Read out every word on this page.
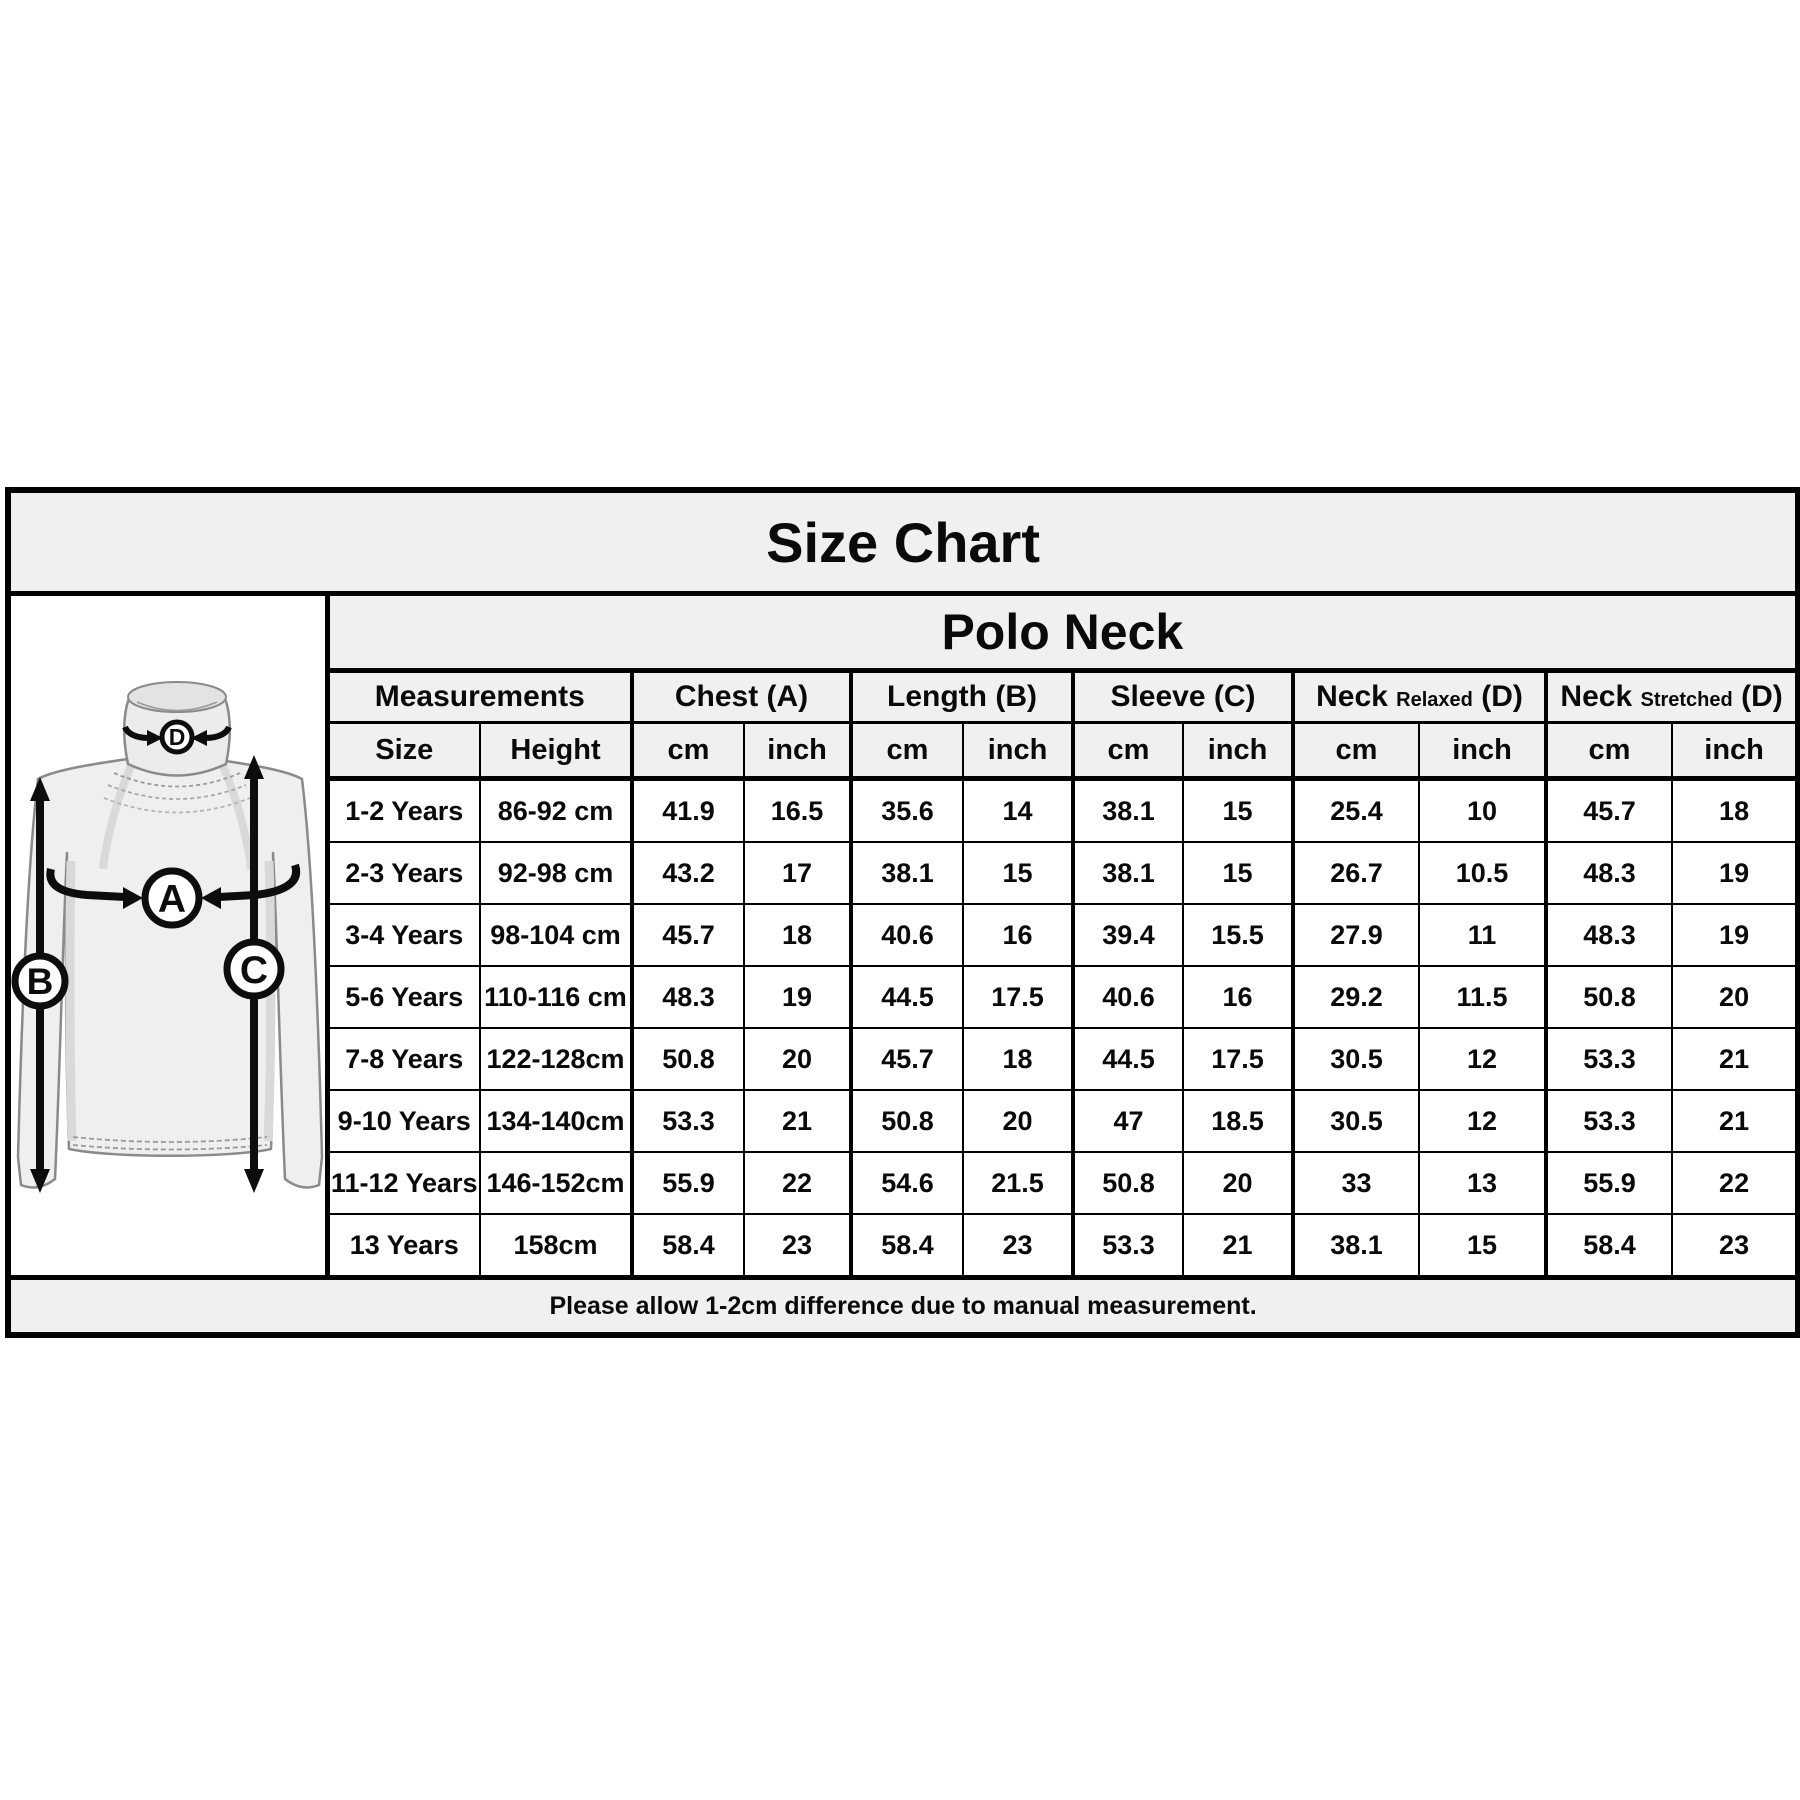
Size Chart												

B C
A
D	Polo Neck											
	Measurements		Chest (A)		Length (B)		Sleeve (C)		Neck Relaxed (D)		Neck Stretched (D)	
	Size	Height	cm	inch	cm	inch	cm	inch	cm	inch	cm	inch
	1-2 Years	86-92 cm	41.9	16.5	35.6	14	38.1	15	25.4	10	45.7	18
	2-3 Years	92-98 cm	43.2	17	38.1	15	38.1	15	26.7	10.5	48.3	19
	3-4 Years	98-104 cm	45.7	18	40.6	16	39.4	15.5	27.9	11	48.3	19
	5-6 Years	110-116 cm	48.3	19	44.5	17.5	40.6	16	29.2	11.5	50.8	20
	7-8 Years	122-128cm	50.8	20	45.7	18	44.5	17.5	30.5	12	53.3	21
	9-10 Years	134-140cm	53.3	21	50.8	20	47	18.5	30.5	12	53.3	21
	11-12 Years	146-152cm	55.9	22	54.6	21.5	50.8	20	33	13	55.9	22
	13 Years	158cm	58.4	23	58.4	23	53.3	21	38.1	15	58.4	23
Please allow 1-2cm difference due to manual measurement.												
